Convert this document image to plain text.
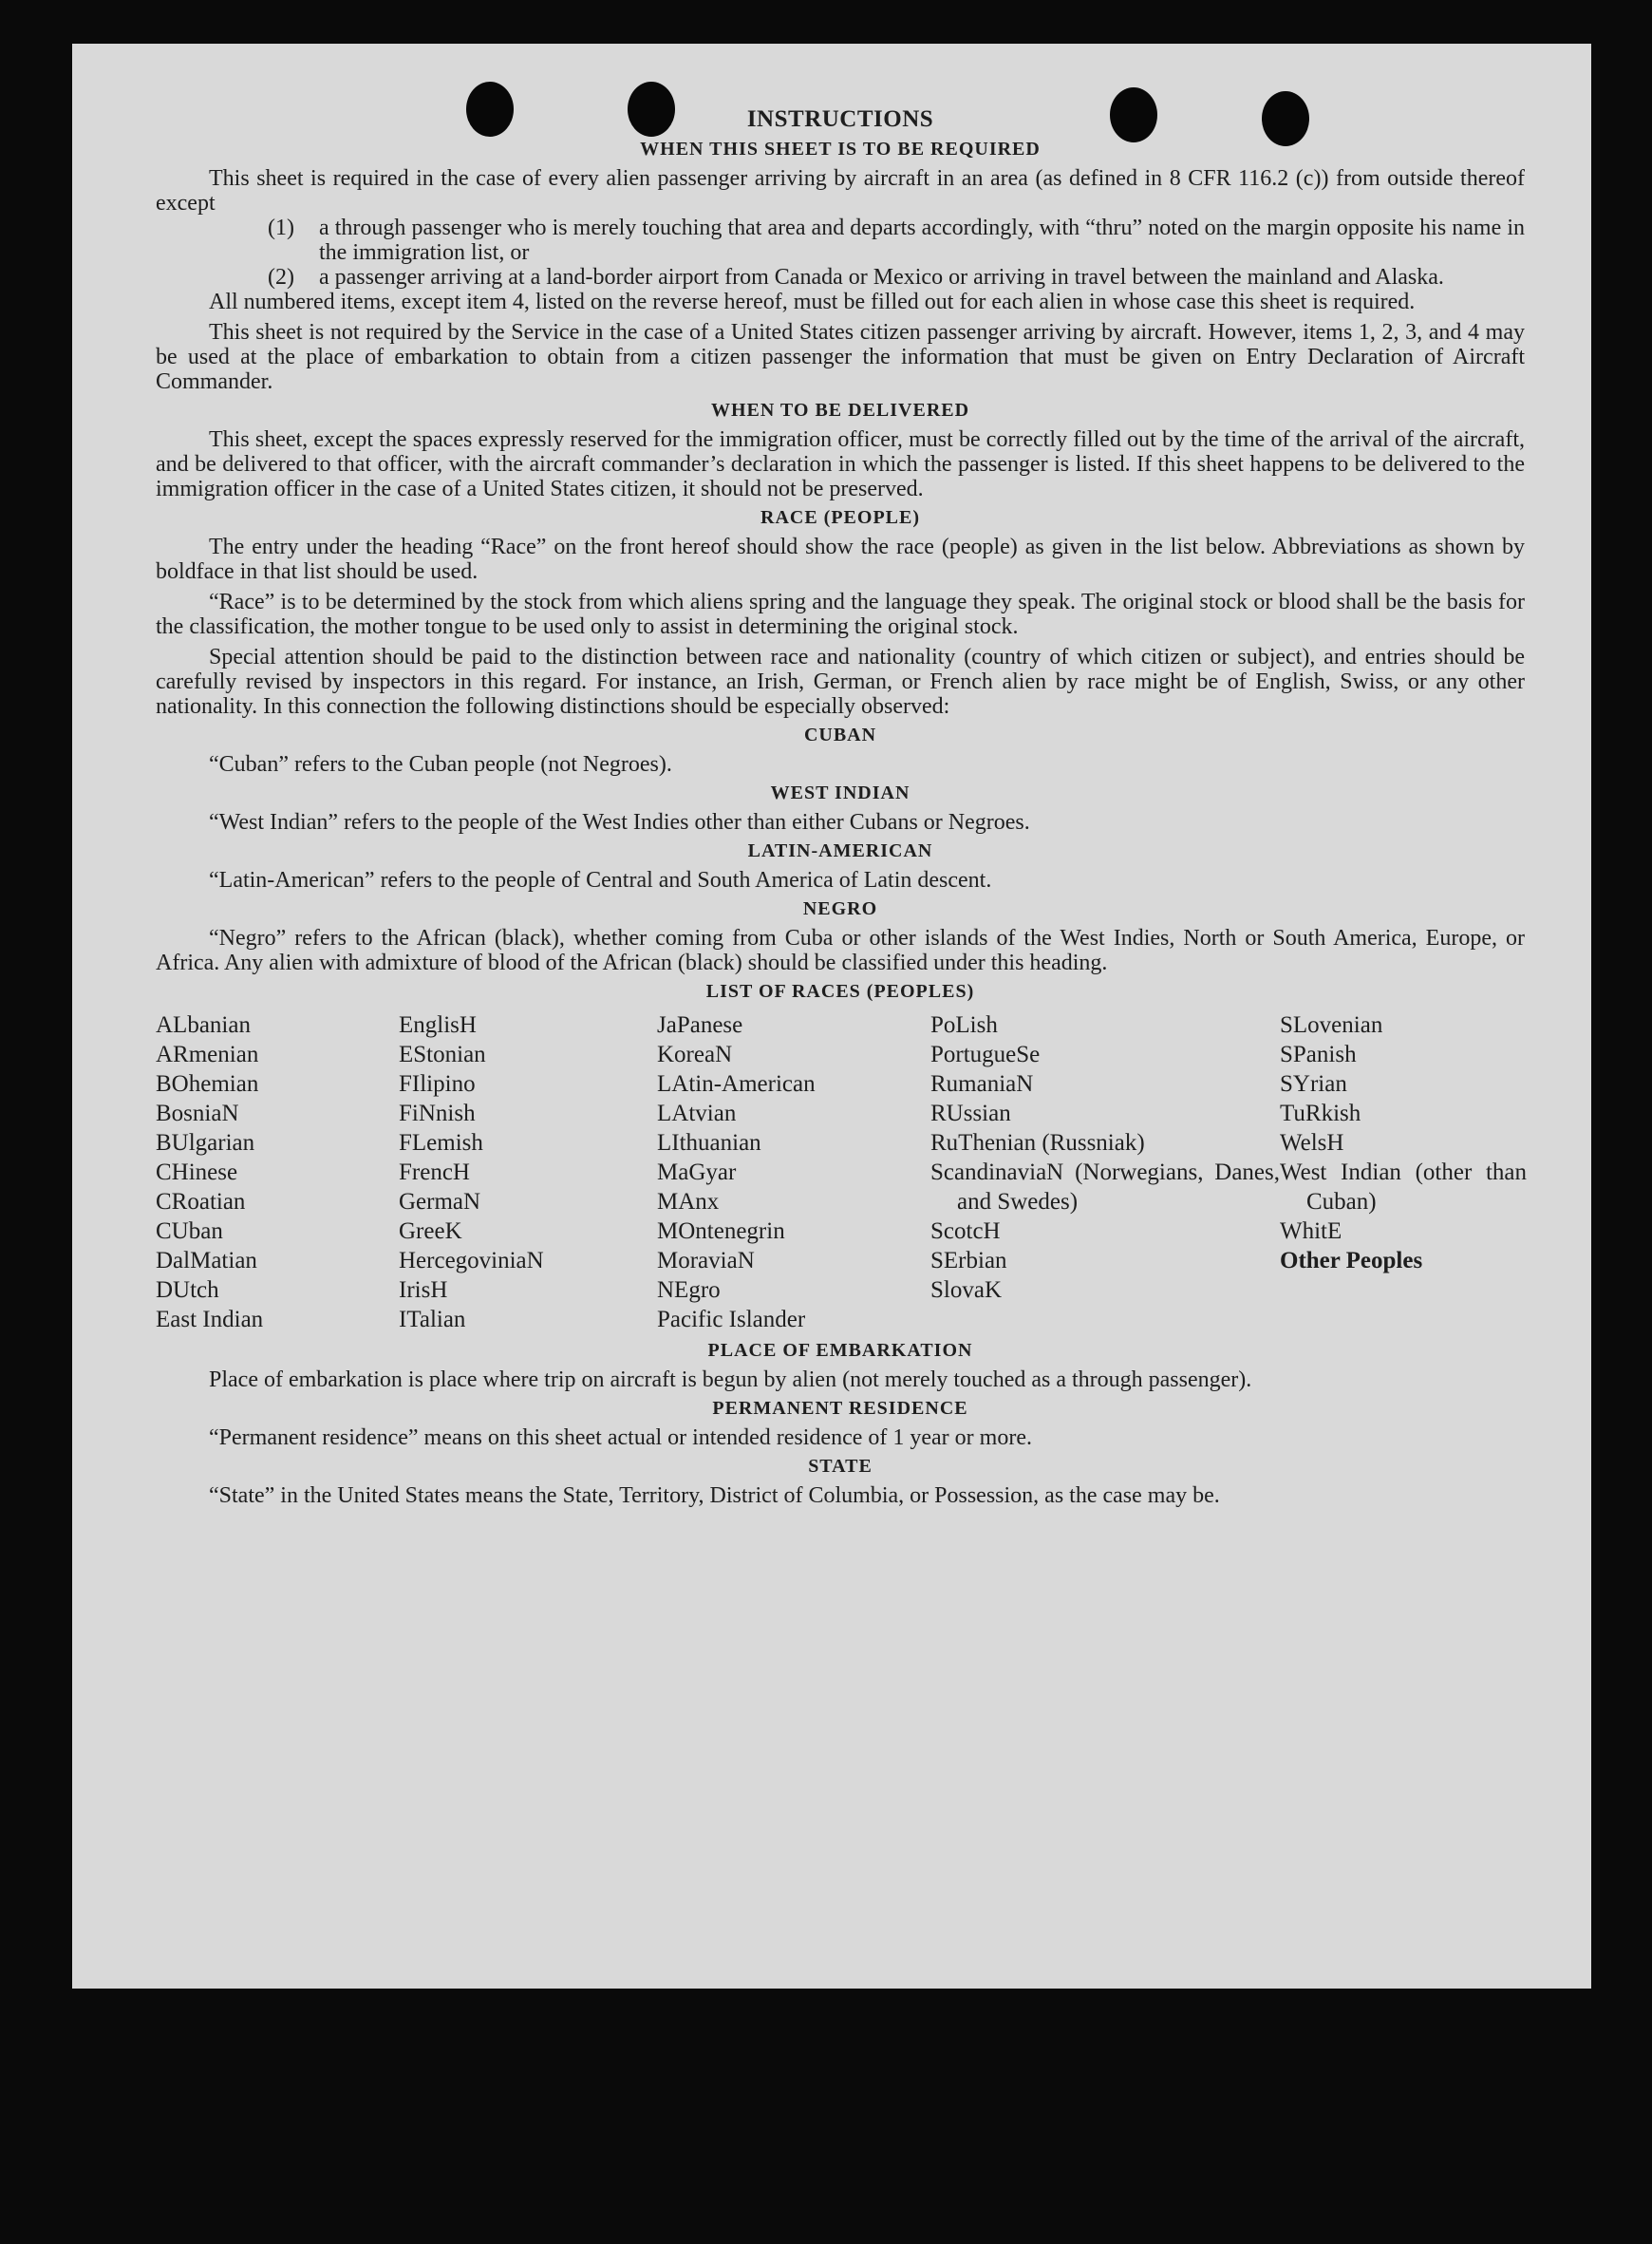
INSTRUCTIONS
WHEN THIS SHEET IS TO BE REQUIRED

This sheet is required in the case of every alien passenger arriving by aircraft in an area (as defined in 8 CFR 116.2 (c)) from outside thereof except

(1)	a through passenger who is merely touching that area and departs accordingly, with “thru” noted on the margin opposite his name in the immigration list, or
(2)	a passenger arriving at a land-border airport from Canada or Mexico or arriving in travel between the mainland and Alaska.

All numbered items, except item 4, listed on the reverse hereof, must be filled out for each alien in whose case this sheet is required.

This sheet is not required by the Service in the case of a United States citizen passenger arriving by aircraft. However, items 1, 2, 3, and 4 may be used at the place of embarkation to obtain from a citizen passenger the information that must be given on Entry Declaration of Aircraft Commander.

WHEN TO BE DELIVERED

This sheet, except the spaces expressly reserved for the immigration officer, must be correctly filled out by the time of the arrival of the aircraft, and be delivered to that officer, with the aircraft commander’s declaration in which the passenger is listed. If this sheet happens to be delivered to the immigration officer in the case of a United States citizen, it should not be preserved.

RACE (PEOPLE)

The entry under the heading “Race” on the front hereof should show the race (people) as given in the list below. Abbreviations as shown by boldface in that list should be used.

“Race” is to be determined by the stock from which aliens spring and the language they speak. The original stock or blood shall be the basis for the classification, the mother tongue to be used only to assist in determining the original stock.

Special attention should be paid to the distinction between race and nationality (country of which citizen or subject), and entries should be carefully revised by inspectors in this regard. For instance, an Irish, German, or French alien by race might be of English, Swiss, or any other nationality. In this connection the following distinctions should be especially observed:

CUBAN

“Cuban” refers to the Cuban people (not Negroes).

WEST INDIAN

“West Indian” refers to the people of the West Indies other than either Cubans or Negroes.

LATIN-AMERICAN

“Latin-American” refers to the people of Central and South America of Latin descent.

NEGRO

“Negro” refers to the African (black), whether coming from Cuba or other islands of the West Indies, North or South America, Europe, or Africa. Any alien with admixture of blood of the African (black) should be classified under this heading.

LIST OF RACES (PEOPLES)
ALbanian
ARmenian
BOhemian
BosniaN
BUlgarian
CHinese
CRoatian
CUban
DalMatian
DUtch
East Indian
EnglisH
EStonian
FIlipino
FiNnish
FLemish
FrencH
GermaN
GreeK
HercegoviniaN
IrisH
ITalian
JaPanese
KoreaN
LAtin-American
LAtvian
LIthuanian
MaGyar
MAnx
MOntenegrin
MoraviaN
NEgro
Pacific Islander
PoLish
PortugueSe
RumaniaN
RUssian
RuThenian (Russniak)
ScandinaviaN (Norwegians, Danes, and Swedes)
ScotcH
SErbian
SlovaK
SLovenian
SPanish
SYrian
TuRkish
WelsH
West Indian (other than Cuban)
WhitE
Other Peoples
PLACE OF EMBARKATION

Place of embarkation is place where trip on aircraft is begun by alien (not merely touched as a through passenger).

PERMANENT RESIDENCE

“Permanent residence” means on this sheet actual or intended residence of 1 year or more.

STATE

“State” in the United States means the State, Territory, District of Columbia, or Possession, as the case may be.
